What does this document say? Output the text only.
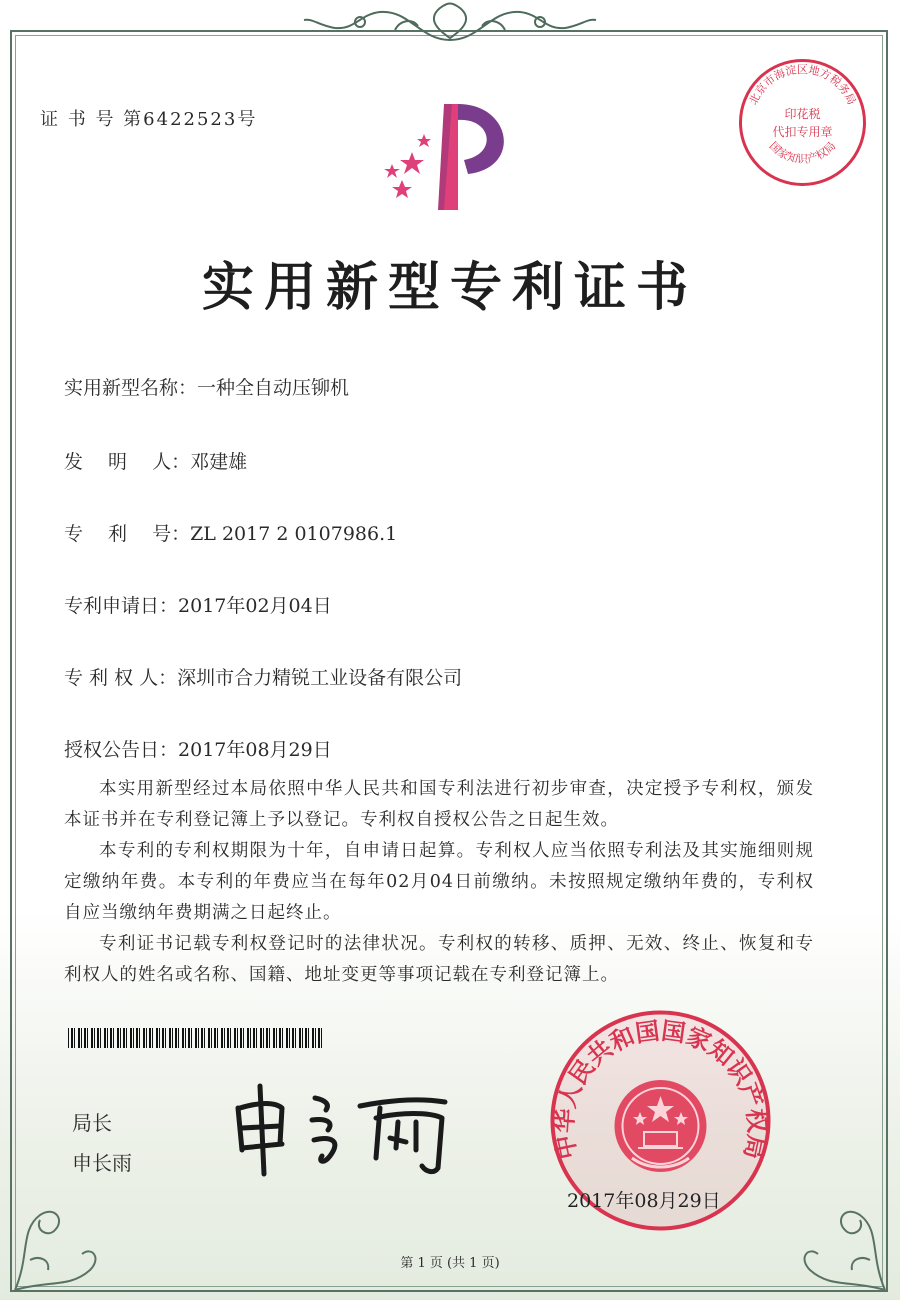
证 书 号 第6422523号
北京市海淀区地方税务局
印花税
代扣专用章
国家知识产权局
实用新型专利证书
实用新型名称：一种全自动压铆机
发　 明　 人：邓建雄
专　 利　 号：ZL 2017 2 0107986.1
专利申请日：2017年02月04日
专 利 权 人：深圳市合力精锐工业设备有限公司
授权公告日：2017年08月29日

本实用新型经过本局依照中华人民共和国专利法进行初步审查，决定授予专利权，颁发本证书并在专利登记簿上予以登记。专利权自授权公告之日起生效。

本专利的专利权期限为十年，自申请日起算。专利权人应当依照专利法及其实施细则规定缴纳年费。本专利的年费应当在每年02月04日前缴纳。未按照规定缴纳年费的，专利权自应当缴纳年费期满之日起终止。

专利证书记载专利权登记时的法律状况。专利权的转移、质押、无效、终止、恢复和专利权人的姓名或名称、国籍、地址变更等事项记载在专利登记簿上。

局长
申长雨
中华人民共和国国家知识产权局
2017年08月29日
第 1 页 (共 1 页)
